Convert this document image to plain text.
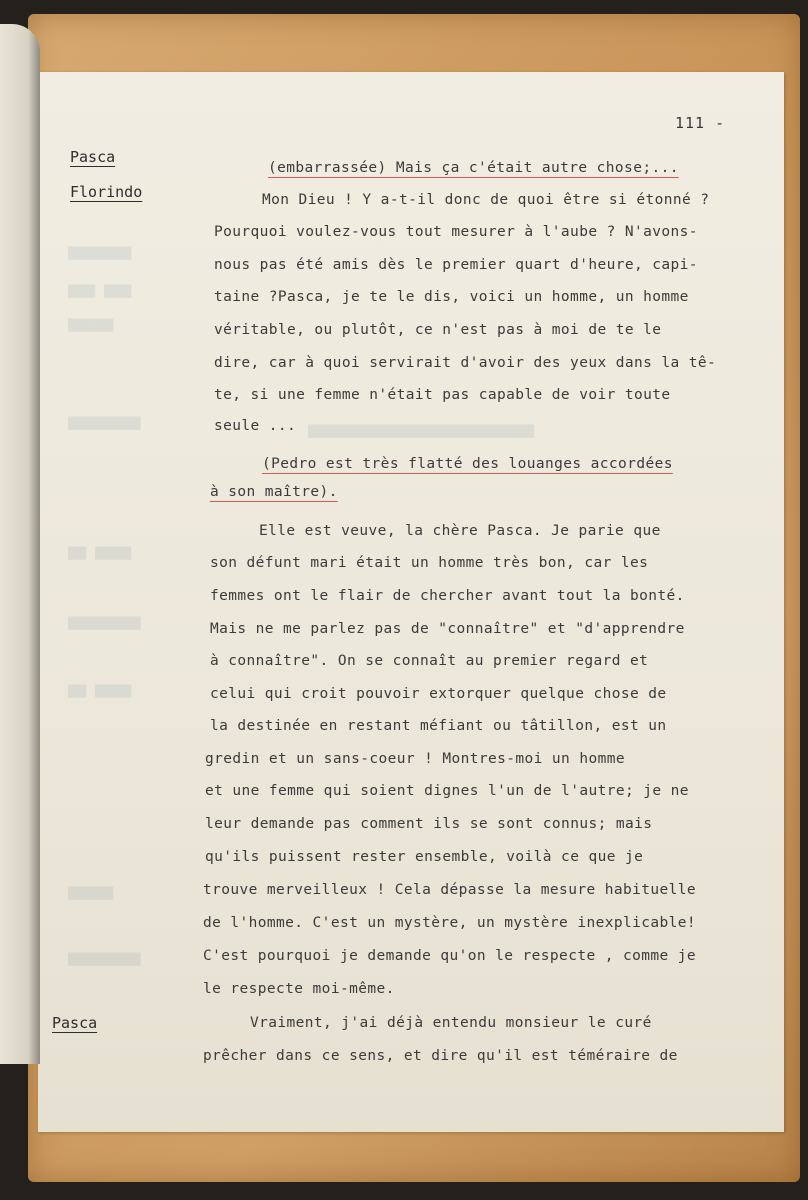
▆▆▆▆▆▆▆
▆▆▆ ▆▆▆
▆▆▆▆▆
▆▆▆▆▆▆▆▆	▆▆▆▆▆▆▆▆▆▆▆▆▆▆▆▆▆▆▆▆▆▆▆▆▆
▆▆ ▆▆▆▆
▆▆▆▆▆▆▆▆
▆▆ ▆▆▆▆
▆▆▆▆▆
▆▆▆▆▆▆▆▆
111 -
Pasca
Florindo
Pasca
(embarrassée) Mais ça c'était autre chose;...
Mon Dieu ! Y a-t-il donc de quoi être si étonné ?
Pourquoi voulez-vous tout mesurer à l'aube ? N'avons-
nous pas été amis dès le premier quart d'heure, capi-
taine ?Pasca, je te le dis, voici un homme, un homme
véritable, ou plutôt, ce n'est pas à moi de te le
dire, car à quoi servirait d'avoir des yeux dans la tê-
te, si une femme n'était pas capable de voir toute
seule ...
(Pedro est très flatté des louanges accordées
à son maître).
Elle est veuve, la chère Pasca. Je parie que
son défunt mari était un homme très bon, car les
femmes ont le flair de chercher avant tout la bonté.
Mais ne me parlez pas de "connaître" et "d'apprendre
à connaître". On se connaît au premier regard et
celui qui croit pouvoir extorquer quelque chose de
la destinée en restant méfiant ou tâtillon, est un
gredin et un sans-coeur ! Montres-moi un homme
et une femme qui soient dignes l'un de l'autre; je ne
leur demande pas comment ils se sont connus; mais
qu'ils puissent rester ensemble, voilà ce que je
trouve merveilleux ! Cela dépasse la mesure habituelle
de l'homme. C'est un mystère, un mystère inexplicable!
C'est pourquoi je demande qu'on le respecte , comme je
le respecte moi-même.
Vraiment, j'ai déjà entendu monsieur le curé
prêcher dans ce sens, et dire qu'il est téméraire de
